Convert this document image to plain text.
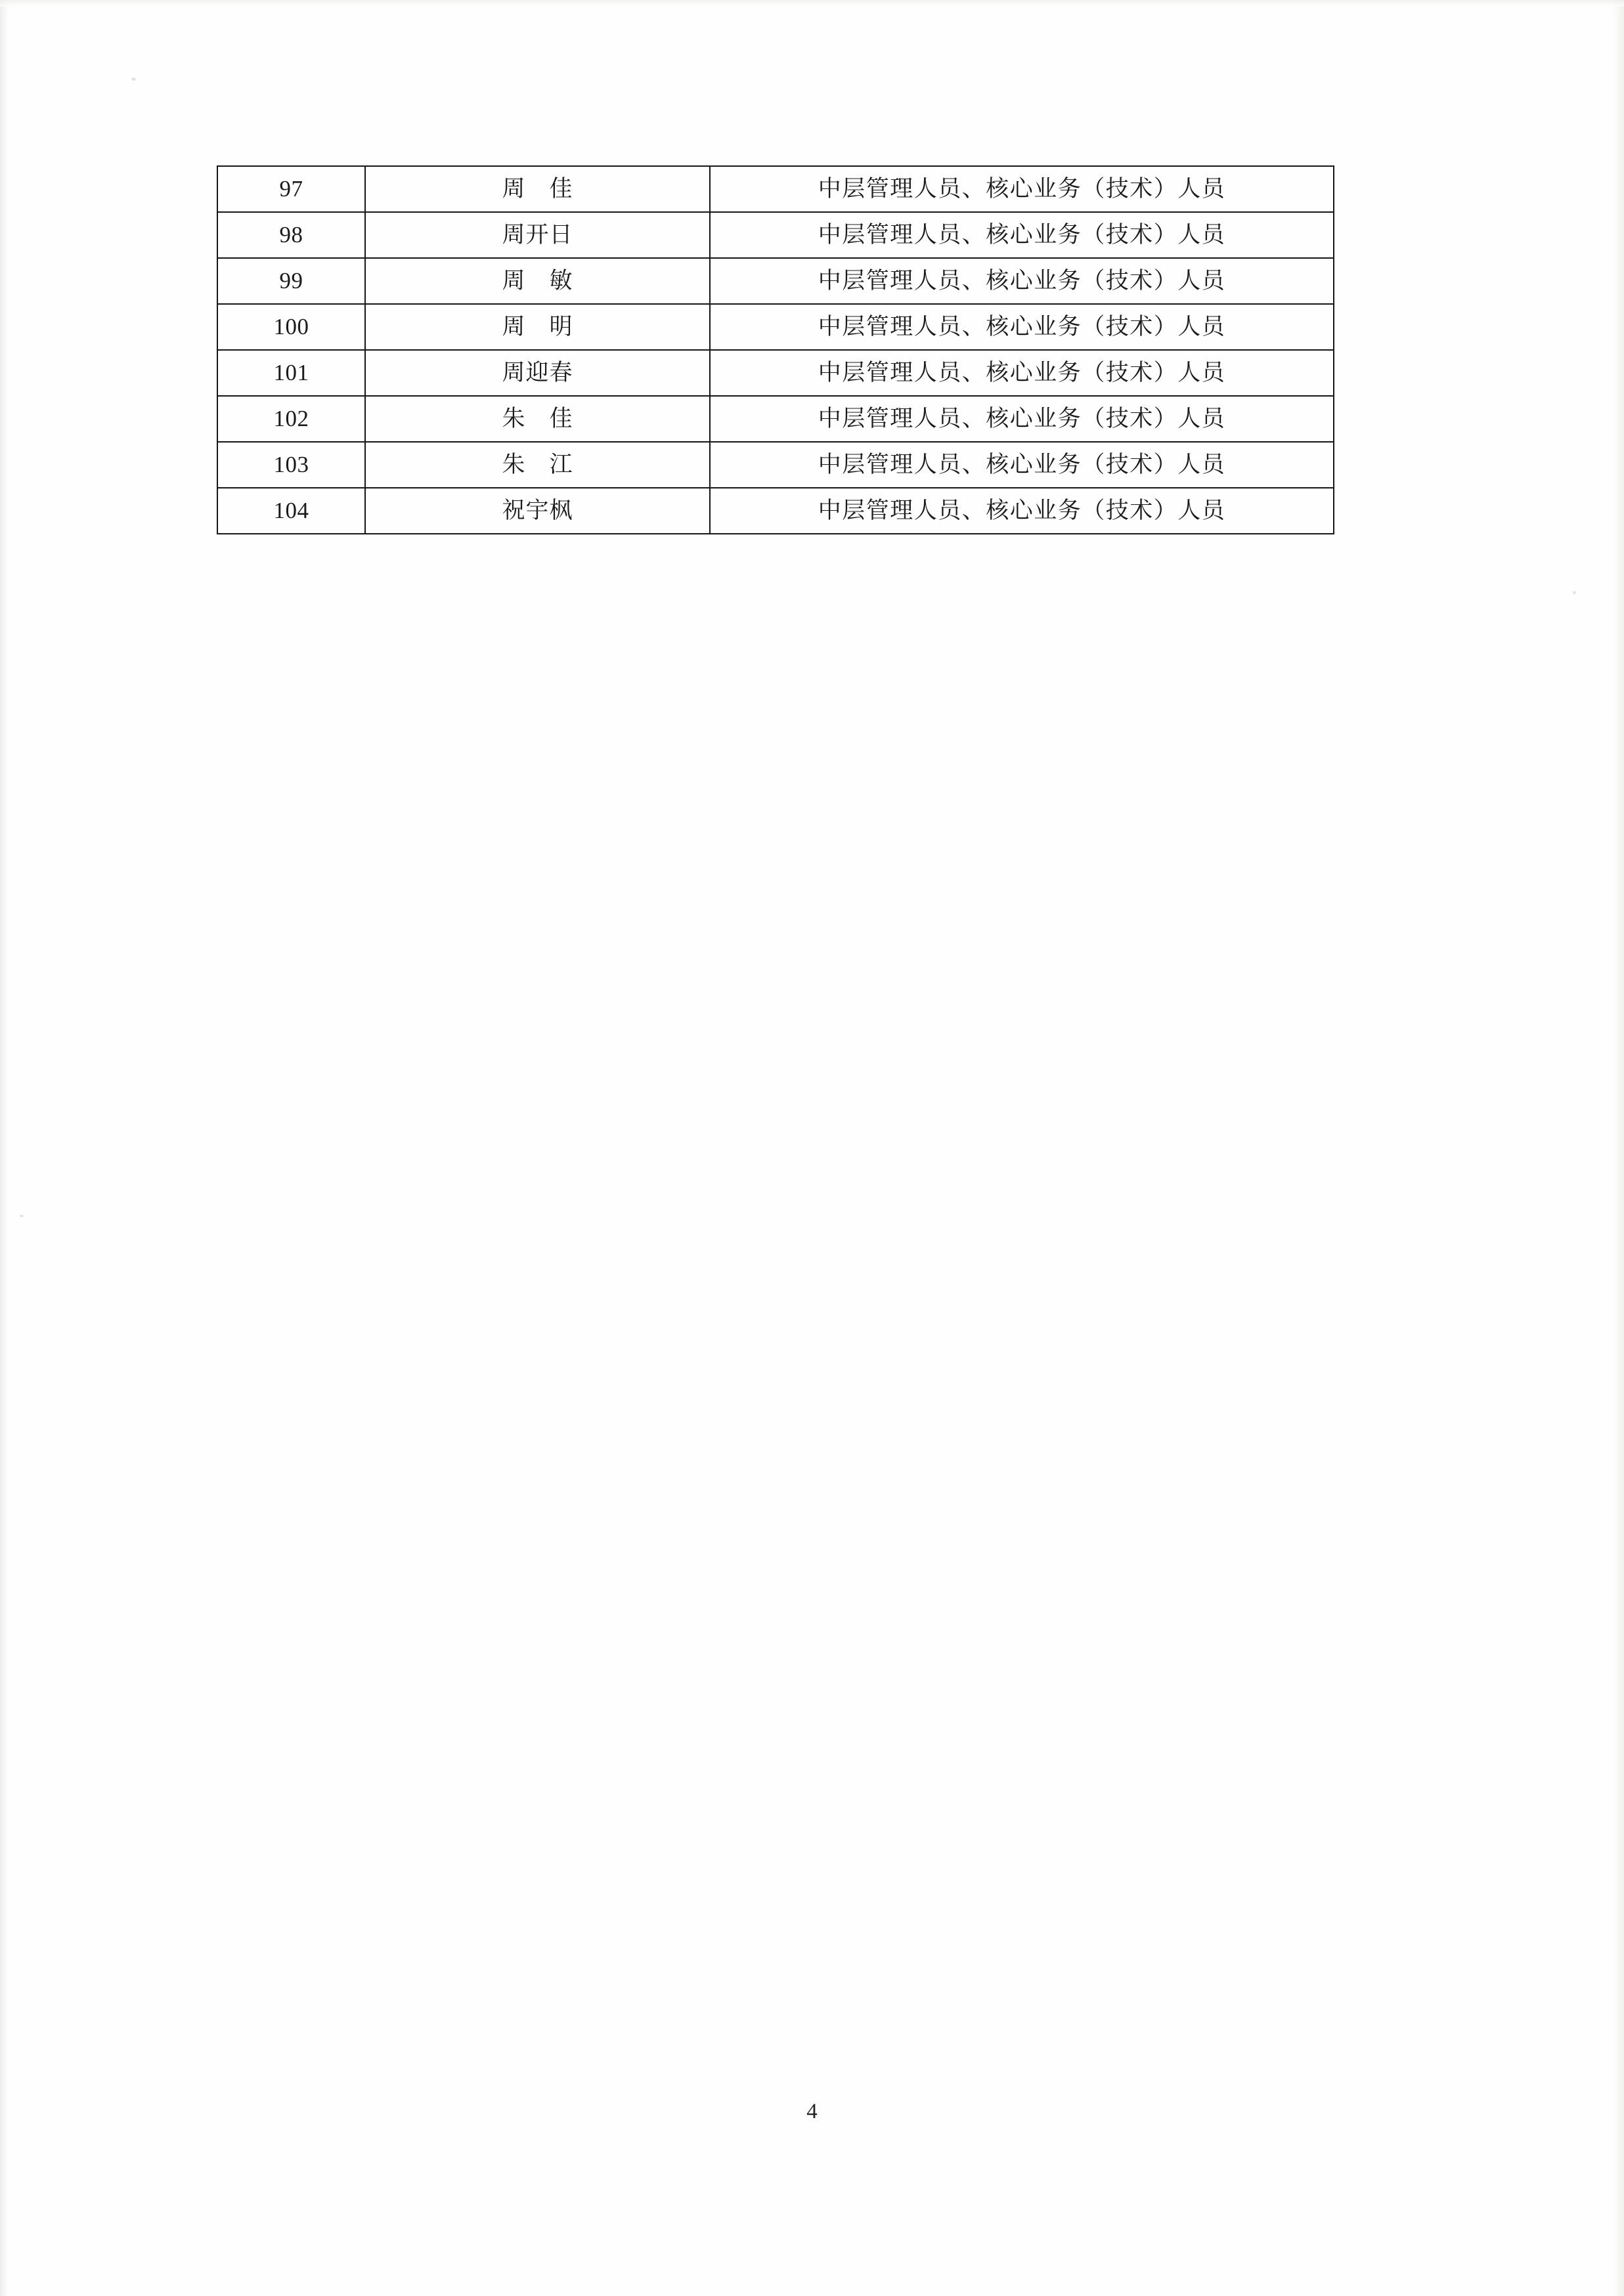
97	周　佳	中层管理人员、核心业务（技术）人员
98	周开日	中层管理人员、核心业务（技术）人员
99	周　敏	中层管理人员、核心业务（技术）人员
100	周　明	中层管理人员、核心业务（技术）人员
101	周迎春	中层管理人员、核心业务（技术）人员
102	朱　佳	中层管理人员、核心业务（技术）人员
103	朱　江	中层管理人员、核心业务（技术）人员
104	祝宇枫	中层管理人员、核心业务（技术）人员
4
